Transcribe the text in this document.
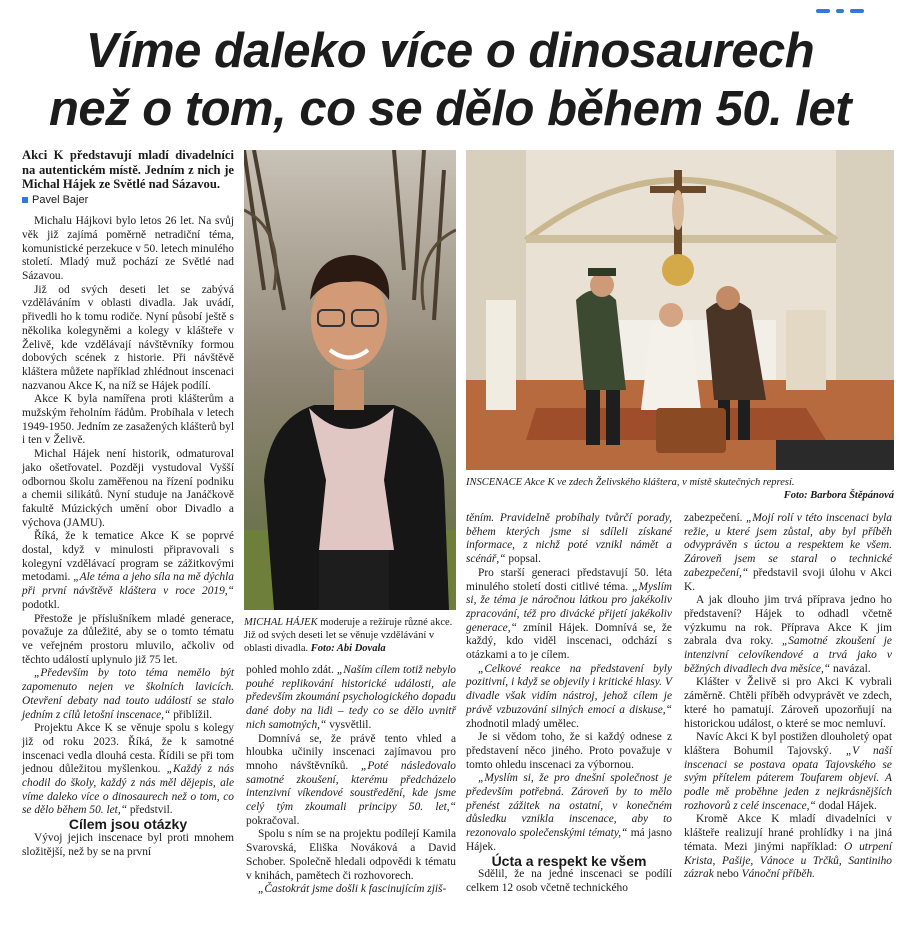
Víme daleko více o dinosaurech
než o tom, co se dělo během 50. let

Akci K představují mladí divadelníci na autentickém místě. Jedním z nich je Michal Hájek ze Světlé nad Sázavou.

Pavel Bajer

Michalu Hájkovi bylo letos 26 let. Na svůj věk již zajímá poměrně netradiční téma, komunistické perzekuce v 50. letech minulého století. Mladý muž pochází ze Světlé nad Sázavou.

Již od svých deseti let se zabývá vzděláváním v oblasti divadla. Jak uvádí, přivedli ho k tomu rodiče. Nyní působí ještě s několika kolegyněmi a kolegy v klášteře v Želivě, kde vzdělávají návštěvníky formou dobových scének z historie. Při návštěvě kláštera můžete například zhlédnout inscenaci nazvanou Akce K, na níž se Hájek podílí.

Akce K byla namířena proti klášterům a mužským řeholním řádům. Probíhala v letech 1949-1950. Jedním ze zasažených klášterů byl i ten v Želivě.

Michal Hájek není historik, odmaturoval jako ošetřovatel. Později vystudoval Vyšší odbornou školu zaměřenou na řízení podniku a chemii silikátů. Nyní studuje na Janáčkově fakultě Múzických umění obor Divadlo a výchova (JAMU).

Říká, že k tematice Akce K se poprvé dostal, když v minulosti připravovali s kolegyní vzdělávací program se zážitkovými metodami. „Ale téma a jeho síla na mě dýchla při první návštěvě kláštera v roce 2019,“ podotkl.

Přestože je příslušníkem mladé generace, považuje za důležité, aby se o tomto tématu ve veřejném prostoru mluvilo, ačkoliv od těchto událostí uplynulo již 75 let.

„Především by toto téma nemělo být zapomenuto nejen ve školních lavicích. Otevření debaty nad touto událostí se stalo jedním z cílů letošní inscenace,“ přiblížil.

Projektu Akce K se věnuje spolu s kolegy již od roku 2023. Říká, že k samotné inscenaci vedla dlouhá cesta. Řídili se při tom jednou důležitou myšlenkou. „Každý z nás chodil do školy, každý z nás měl dějepis, ale víme daleko více o dinosaurech než o tom, co se dělo během 50. let,“ předstvil.

Cílem jsou otázky

Vývoj jejich inscenace byl proti mnohem složitější, než by se na první

MICHAL HÁJEK moderuje a režíruje různé akce. Již od svých deseti let se věnuje vzdělávání v oblasti divadla. Foto: Abi Dovala
INSCENACE Akce K ve zdech Želivského kláštera, v místě skutečných represí.
Foto: Barbora Štěpánová

pohled mohlo zdát. „Naším cílem totiž nebylo pouhé replikování historické události, ale především zkoumání psychologického dopadu dané doby na lidi – tedy co se dělo uvnitř nich samotných,“ vysvětlil.

Domnívá se, že právě tento vhled a hloubka učinily inscenaci zajímavou pro mnoho návštěvníků. „Poté následovalo samotné zkoušení, kterému předcházelo intenzivní víkendové soustředění, kde jsme celý tým zkoumali principy 50. let,“ pokračoval.

Spolu s ním se na projektu podílejí Kamila Svarovská, Eliška Nováková a David Schober. Společně hledali odpovědi k tématu v knihách, pamětech či rozhovorech.

„Častokrát jsme došli k fascinujícím zjiš-

těním. Pravidelně probíhaly tvůrčí porady, během kterých jsme si sdíleli získané informace, z nichž poté vznikl námět a scénář,“ popsal.

Pro starší generaci představují 50. léta minulého století dosti citlivé téma. „Myslím si, že téma je náročnou látkou pro jakékoliv zpracování, též pro divácké přijetí jakékoliv generace,“ zmínil Hájek. Domnívá se, že každý, kdo viděl inscenaci, odchází s otázkami a to je cílem.

„Celkové reakce na představení byly pozitivní, i když se objevily i kritické hlasy. V divadle však vidím nástroj, jehož cílem je právě vzbuzování silných emocí a diskuse,“ zhodnotil mladý umělec.

Je si vědom toho, že si každý odnese z představení něco jiného. Proto považuje v tomto ohledu inscenaci za výbornou.

„Myslím si, že pro dnešní společnost je především potřebná. Zároveň by to mělo přenést zážitek na ostatní, v konečném důsledku vznikla inscenace, aby to rezonovalo společenskými tématy,“ má jasno Hájek.

Úcta a respekt ke všem

Sdělil, že na jedné inscenaci se podílí celkem 12 osob včetně technického

zabezpečení. „Mojí rolí v této inscenaci byla režie, u které jsem zůstal, aby byl příběh odvyprávěn s úctou a respektem ke všem. Zároveň jsem se staral o technické zabezpečení,“ představil svoji úlohu v Akci K.

A jak dlouho jim trvá příprava jedno ho představení? Hájek to odhadl včetně výzkumu na rok. Příprava Akce K jim zabrala dva roky. „Samotné zkoušení je intenzivní celovíkendové a trvá jako v běžných divadlech dva měsíce,“ navázal.

Klášter v Želivě si pro Akci K vybrali záměrně. Chtěli příběh odvyprávět ve zdech, které ho pamatují. Zároveň upozorňují na historickou událost, o které se moc nemluví.

Navíc Akci K byl postižen dlouholetý opat kláštera Bohumil Tajovský. „V naší inscenaci se postava opata Tajovského se svým přítelem páterem Toufarem objeví. A podle mě proběhne jeden z nejkrásnějších rozhovorů z celé inscenace,“ dodal Hájek.

Kromě Akce K mladí divadelníci v klášteře realizují hrané prohlídky i na jiná témata. Mezi jinými například: O utrpení Krista, Pašije, Vánoce u Trčků, Santiniho zázrak nebo Vánoční příběh.
